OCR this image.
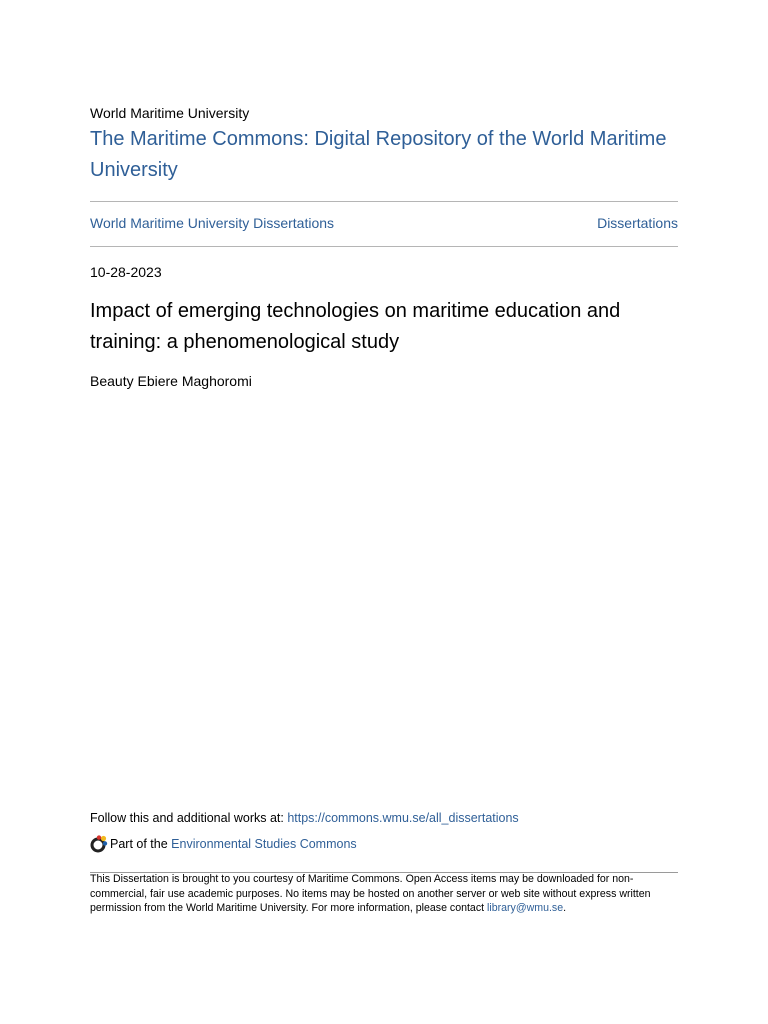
World Maritime University
The Maritime Commons: Digital Repository of the World Maritime University
World Maritime University Dissertations	Dissertations
10-28-2023
Impact of emerging technologies on maritime education and training: a phenomenological study
Beauty Ebiere Maghoromi
Follow this and additional works at: https://commons.wmu.se/all_dissertations
Part of the Environmental Studies Commons
This Dissertation is brought to you courtesy of Maritime Commons. Open Access items may be downloaded for non-commercial, fair use academic purposes. No items may be hosted on another server or web site without express written permission from the World Maritime University. For more information, please contact library@wmu.se.
